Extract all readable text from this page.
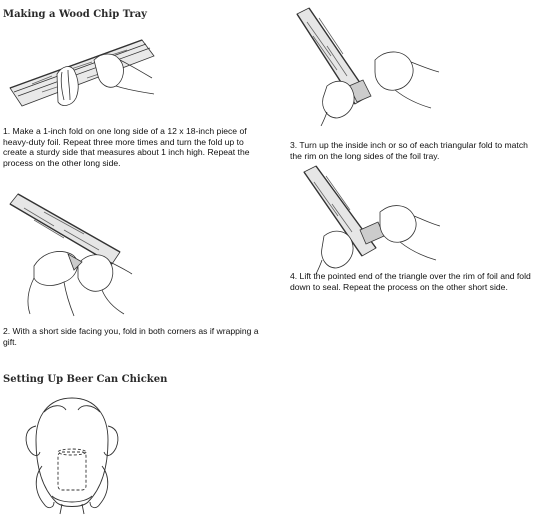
Making a Wood Chip Tray
1. Make a 1-inch fold on one long side of a 12 x 18-inch piece of heavy-duty foil. Repeat three more times and turn the fold up to create a sturdy side that measures about 1 inch high. Repeat the process on the other long side.
2. With a short side facing you, fold in both corners as if wrapping a gift.
3. Turn up the inside inch or so of each triangular fold to match the rim on the long sides of the foil tray.
4. Lift the pointed end of the triangle over the rim of foil and fold down to seal. Repeat the process on the other short side.
Setting Up Beer Can Chicken
